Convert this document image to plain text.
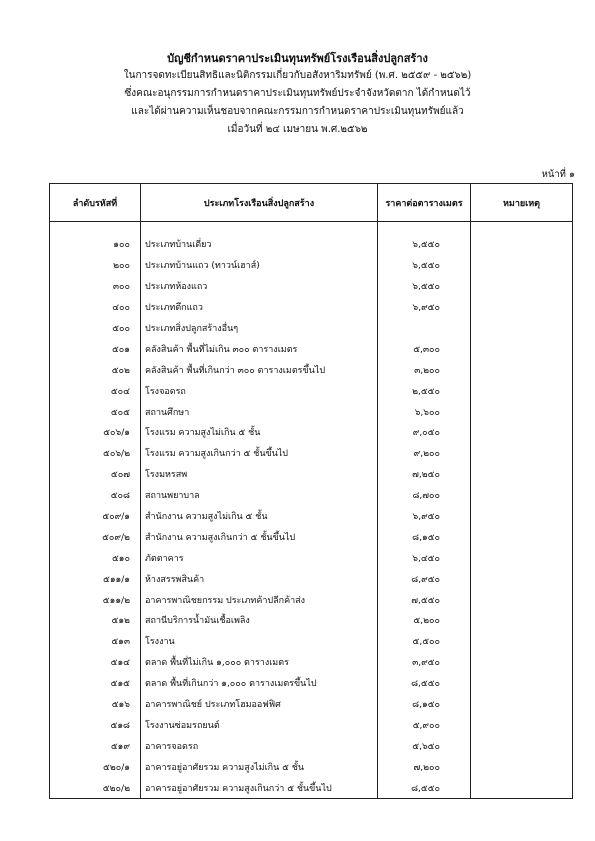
บัญชีกำหนดราคาประเมินทุนทรัพย์โรงเรือนสิ่งปลูกสร้าง
ในการจดทะเบียนสิทธิและนิติกรรมเกี่ยวกับอสังหาริมทรัพย์ (พ.ศ. ๒๕๕๙ - ๒๕๖๒)
ซึ่งคณะอนุกรรมการกำหนดราคาประเมินทุนทรัพย์ประจำจังหวัดตาก ได้กำหนดไว้
และได้ผ่านความเห็นชอบจากคณะกรรมการกำหนดราคาประเมินทุนทรัพย์แล้ว
เมื่อวันที่ ๒๔ เมษายน พ.ศ.๒๕๖๒
หน้าที่ ๑
ลำดับรหัสที่	ประเภทโรงเรือนสิ่งปลูกสร้าง	ราคาต่อตารางเมตร	หมายเหตุ
๑๐๐	ประเภทบ้านเดี่ยว	๖,๕๕๐	
๒๐๐	ประเภทบ้านแถว (ทาวน์เฮาส์)	๖,๕๕๐	
๓๐๐	ประเภทห้องแถว	๖,๕๕๐	
๔๐๐	ประเภทตึกแถว	๖,๙๕๐	
๕๐๐	ประเภทสิ่งปลูกสร้างอื่นๆ		
๕๐๑	คลังสินค้า พื้นที่ไม่เกิน ๓๐๐ ตารางเมตร	๕,๓๐๐	
๕๐๒	คลังสินค้า พื้นที่เกินกว่า ๓๐๐ ตารางเมตรขึ้นไป	๓,๒๐๐	
๕๐๔	โรงจอดรถ	๒,๕๕๐	
๕๐๕	สถานศึกษา	๖,๖๐๐	
๕๐๖/๑	โรงแรม ความสูงไม่เกิน ๕ ชั้น	๙,๐๕๐	
๕๐๖/๒	โรงแรม ความสูงเกินกว่า ๕ ชั้นขึ้นไป	๙,๒๐๐	
๕๐๗	โรงมหรสพ	๗,๒๕๐	
๕๐๘	สถานพยาบาล	๘,๗๐๐	
๕๐๙/๑	สำนักงาน ความสูงไม่เกิน ๕ ชั้น	๖,๙๕๐	
๕๐๙/๒	สำนักงาน ความสูงเกินกว่า ๕ ชั้นขึ้นไป	๘,๑๕๐	
๕๑๐	ภัตตาคาร	๖,๔๕๐	
๕๑๑/๑	ห้างสรรพสินค้า	๘,๙๕๐	
๕๑๑/๒	อาคารพาณิชยกรรม ประเภทค้าปลีกค้าส่ง	๗,๕๕๐	
๕๑๒	สถานีบริการน้ำมันเชื้อเพลิง	๕,๒๐๐	
๕๑๓	โรงงาน	๕,๕๐๐	
๕๑๔	ตลาด พื้นที่ไม่เกิน ๑,๐๐๐ ตารางเมตร	๓,๙๕๐	
๕๑๕	ตลาด พื้นที่เกินกว่า ๑,๐๐๐ ตารางเมตรขึ้นไป	๘,๕๕๐	
๕๑๖	อาคารพาณิชย์ ประเภทโฮมออฟฟิศ	๘,๑๕๐	
๕๑๘	โรงงานซ่อมรถยนต์	๕,๙๐๐	
๕๑๙	อาคารจอดรถ	๕,๖๕๐	
๕๒๐/๑	อาคารอยู่อาศัยรวม ความสูงไม่เกิน ๕ ชั้น	๗,๒๐๐	
๕๒๐/๒	อาคารอยู่อาศัยรวม ความสูงเกินกว่า ๕ ชั้นขึ้นไป	๘,๕๕๐	
